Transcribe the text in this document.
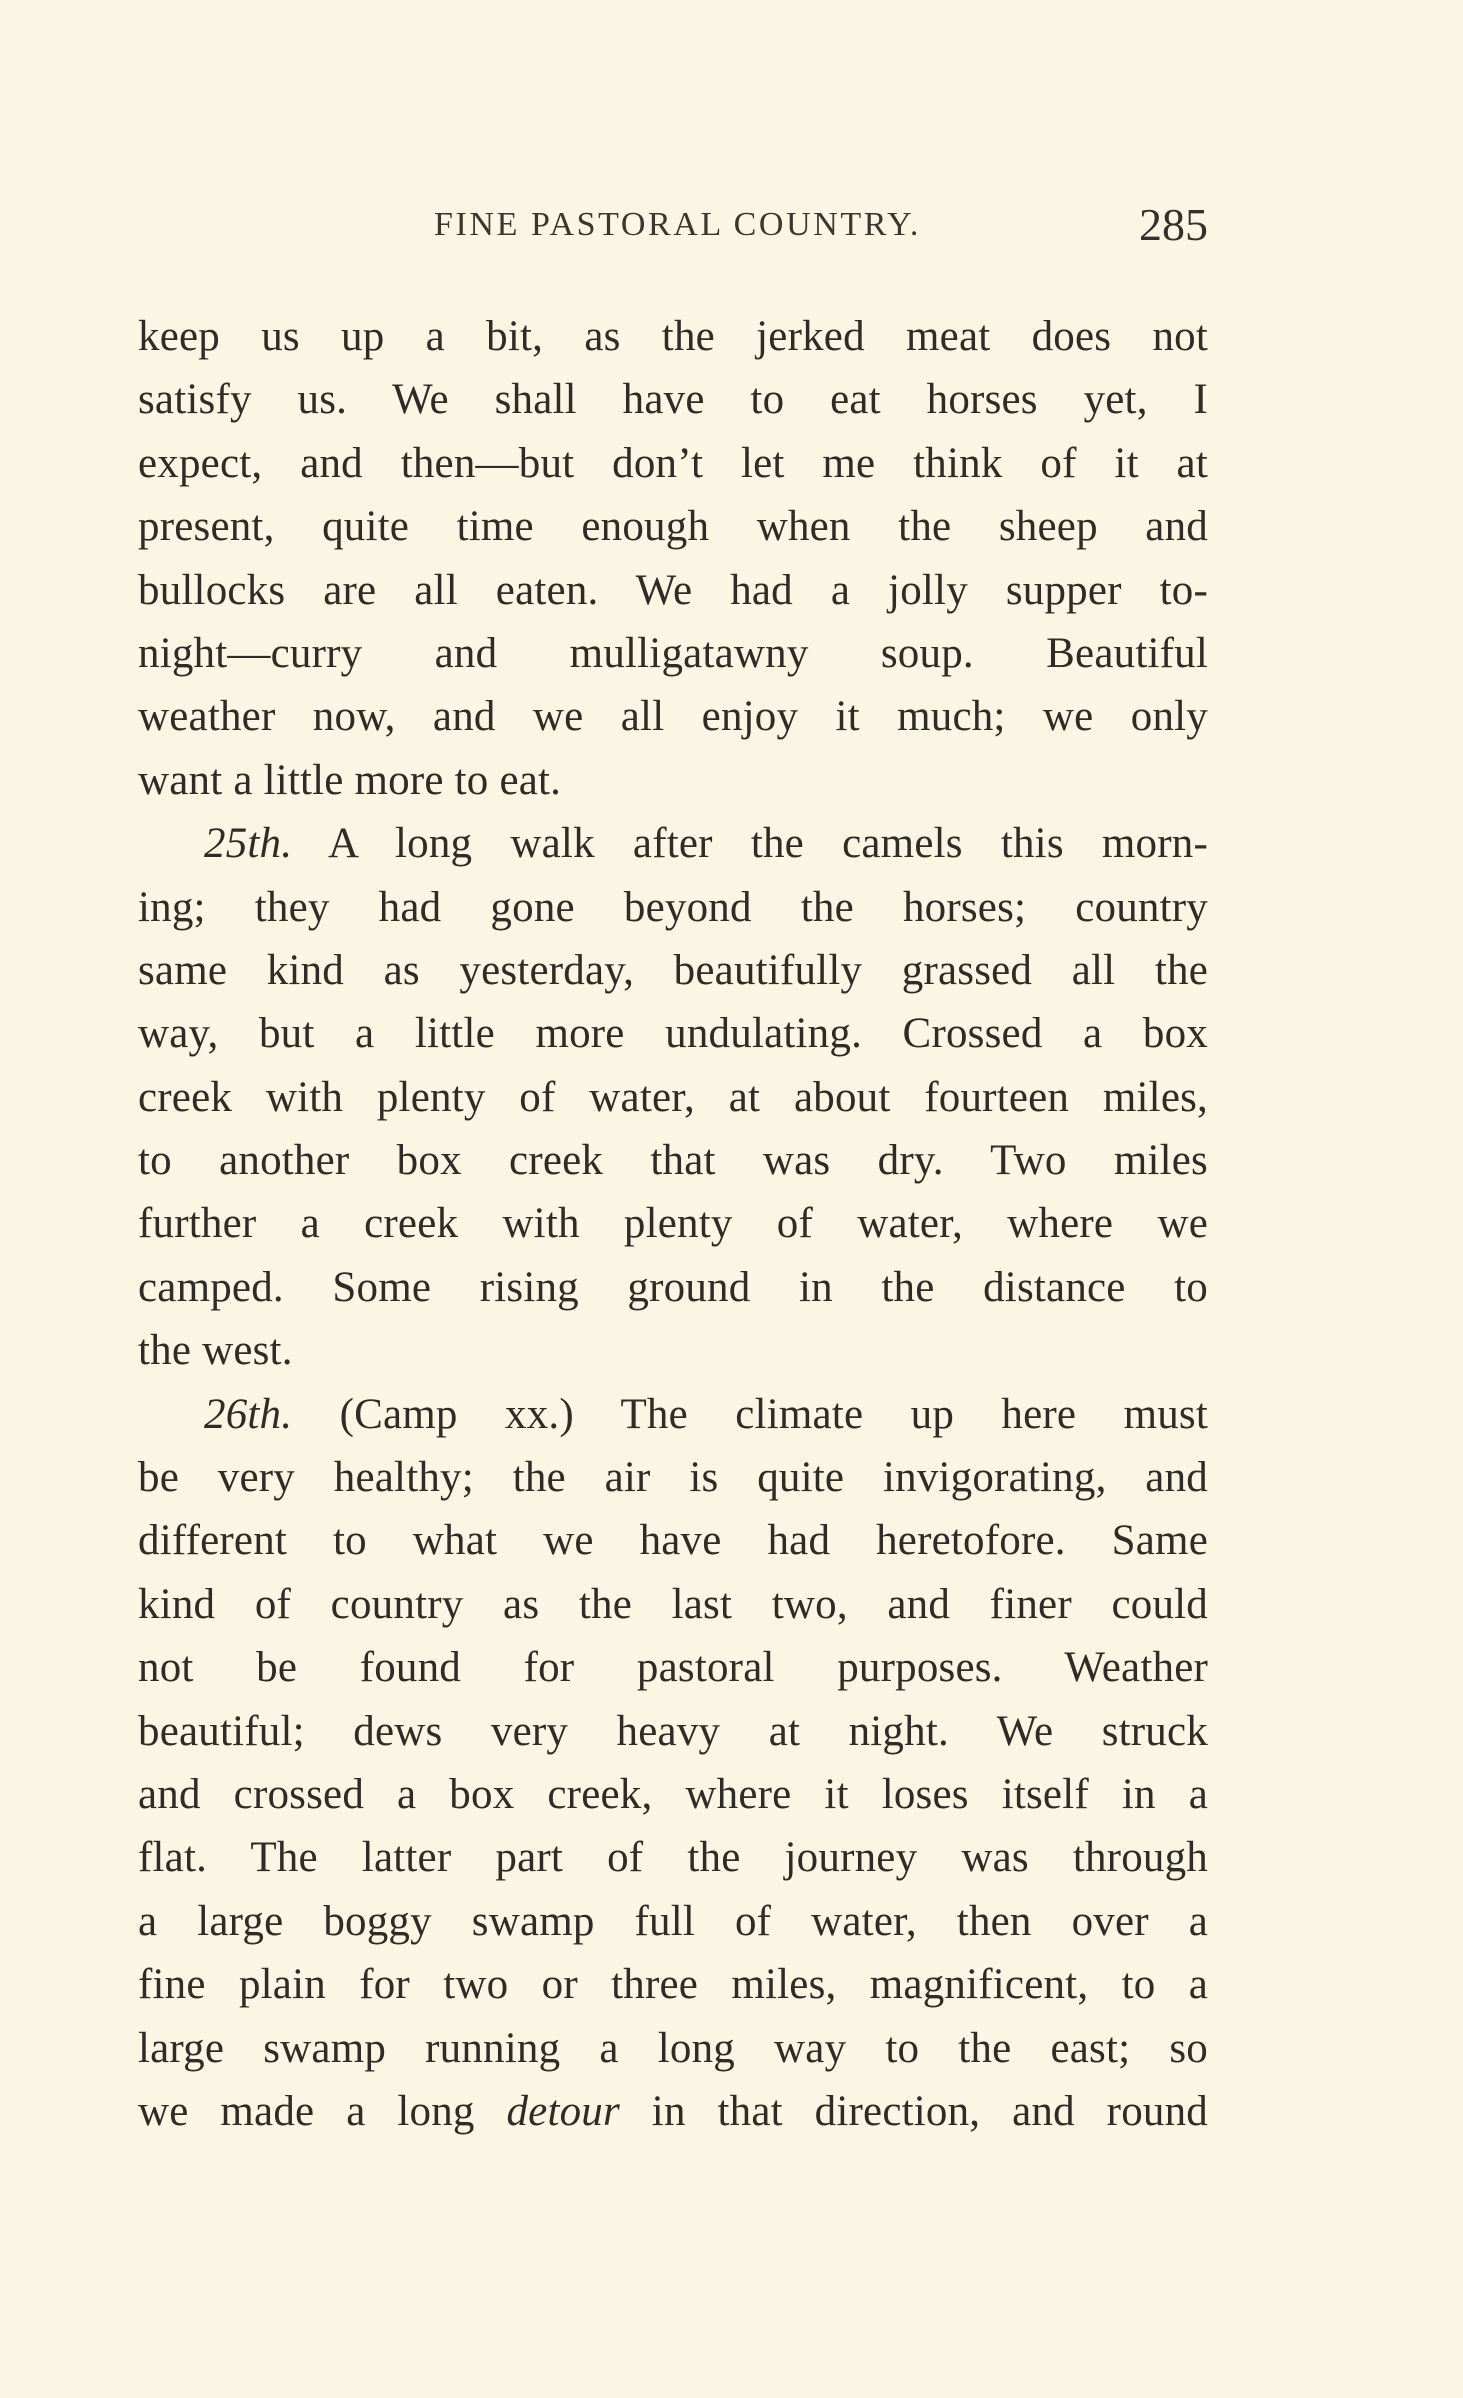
FINE PASTORAL COUNTRY.	285
keep us up a bit, as the jerked meat does not
satisfy us. We shall have to eat horses yet, I
expect, and then—but don’t let me think of it at
present, quite time enough when the sheep and
bullocks are all eaten. We had a jolly supper to-
night—curry and mulligatawny soup. Beautiful
weather now, and we all enjoy it much; we only
want a little more to eat.
25th. A long walk after the camels this morn-
ing; they had gone beyond the horses; country
same kind as yesterday, beautifully grassed all the
way, but a little more undulating. Crossed a box
creek with plenty of water, at about fourteen miles,
to another box creek that was dry. Two miles
further a creek with plenty of water, where we
camped. Some rising ground in the distance to
the west.
26th. (Camp xx.) The climate up here must
be very healthy; the air is quite invigorating, and
different to what we have had heretofore. Same
kind of country as the last two, and finer could
not be found for pastoral purposes. Weather
beautiful; dews very heavy at night. We struck
and crossed a box creek, where it loses itself in a
flat. The latter part of the journey was through
a large boggy swamp full of water, then over a
fine plain for two or three miles, magnificent, to a
large swamp running a long way to the east; so
we made a long detour in that direction, and round
